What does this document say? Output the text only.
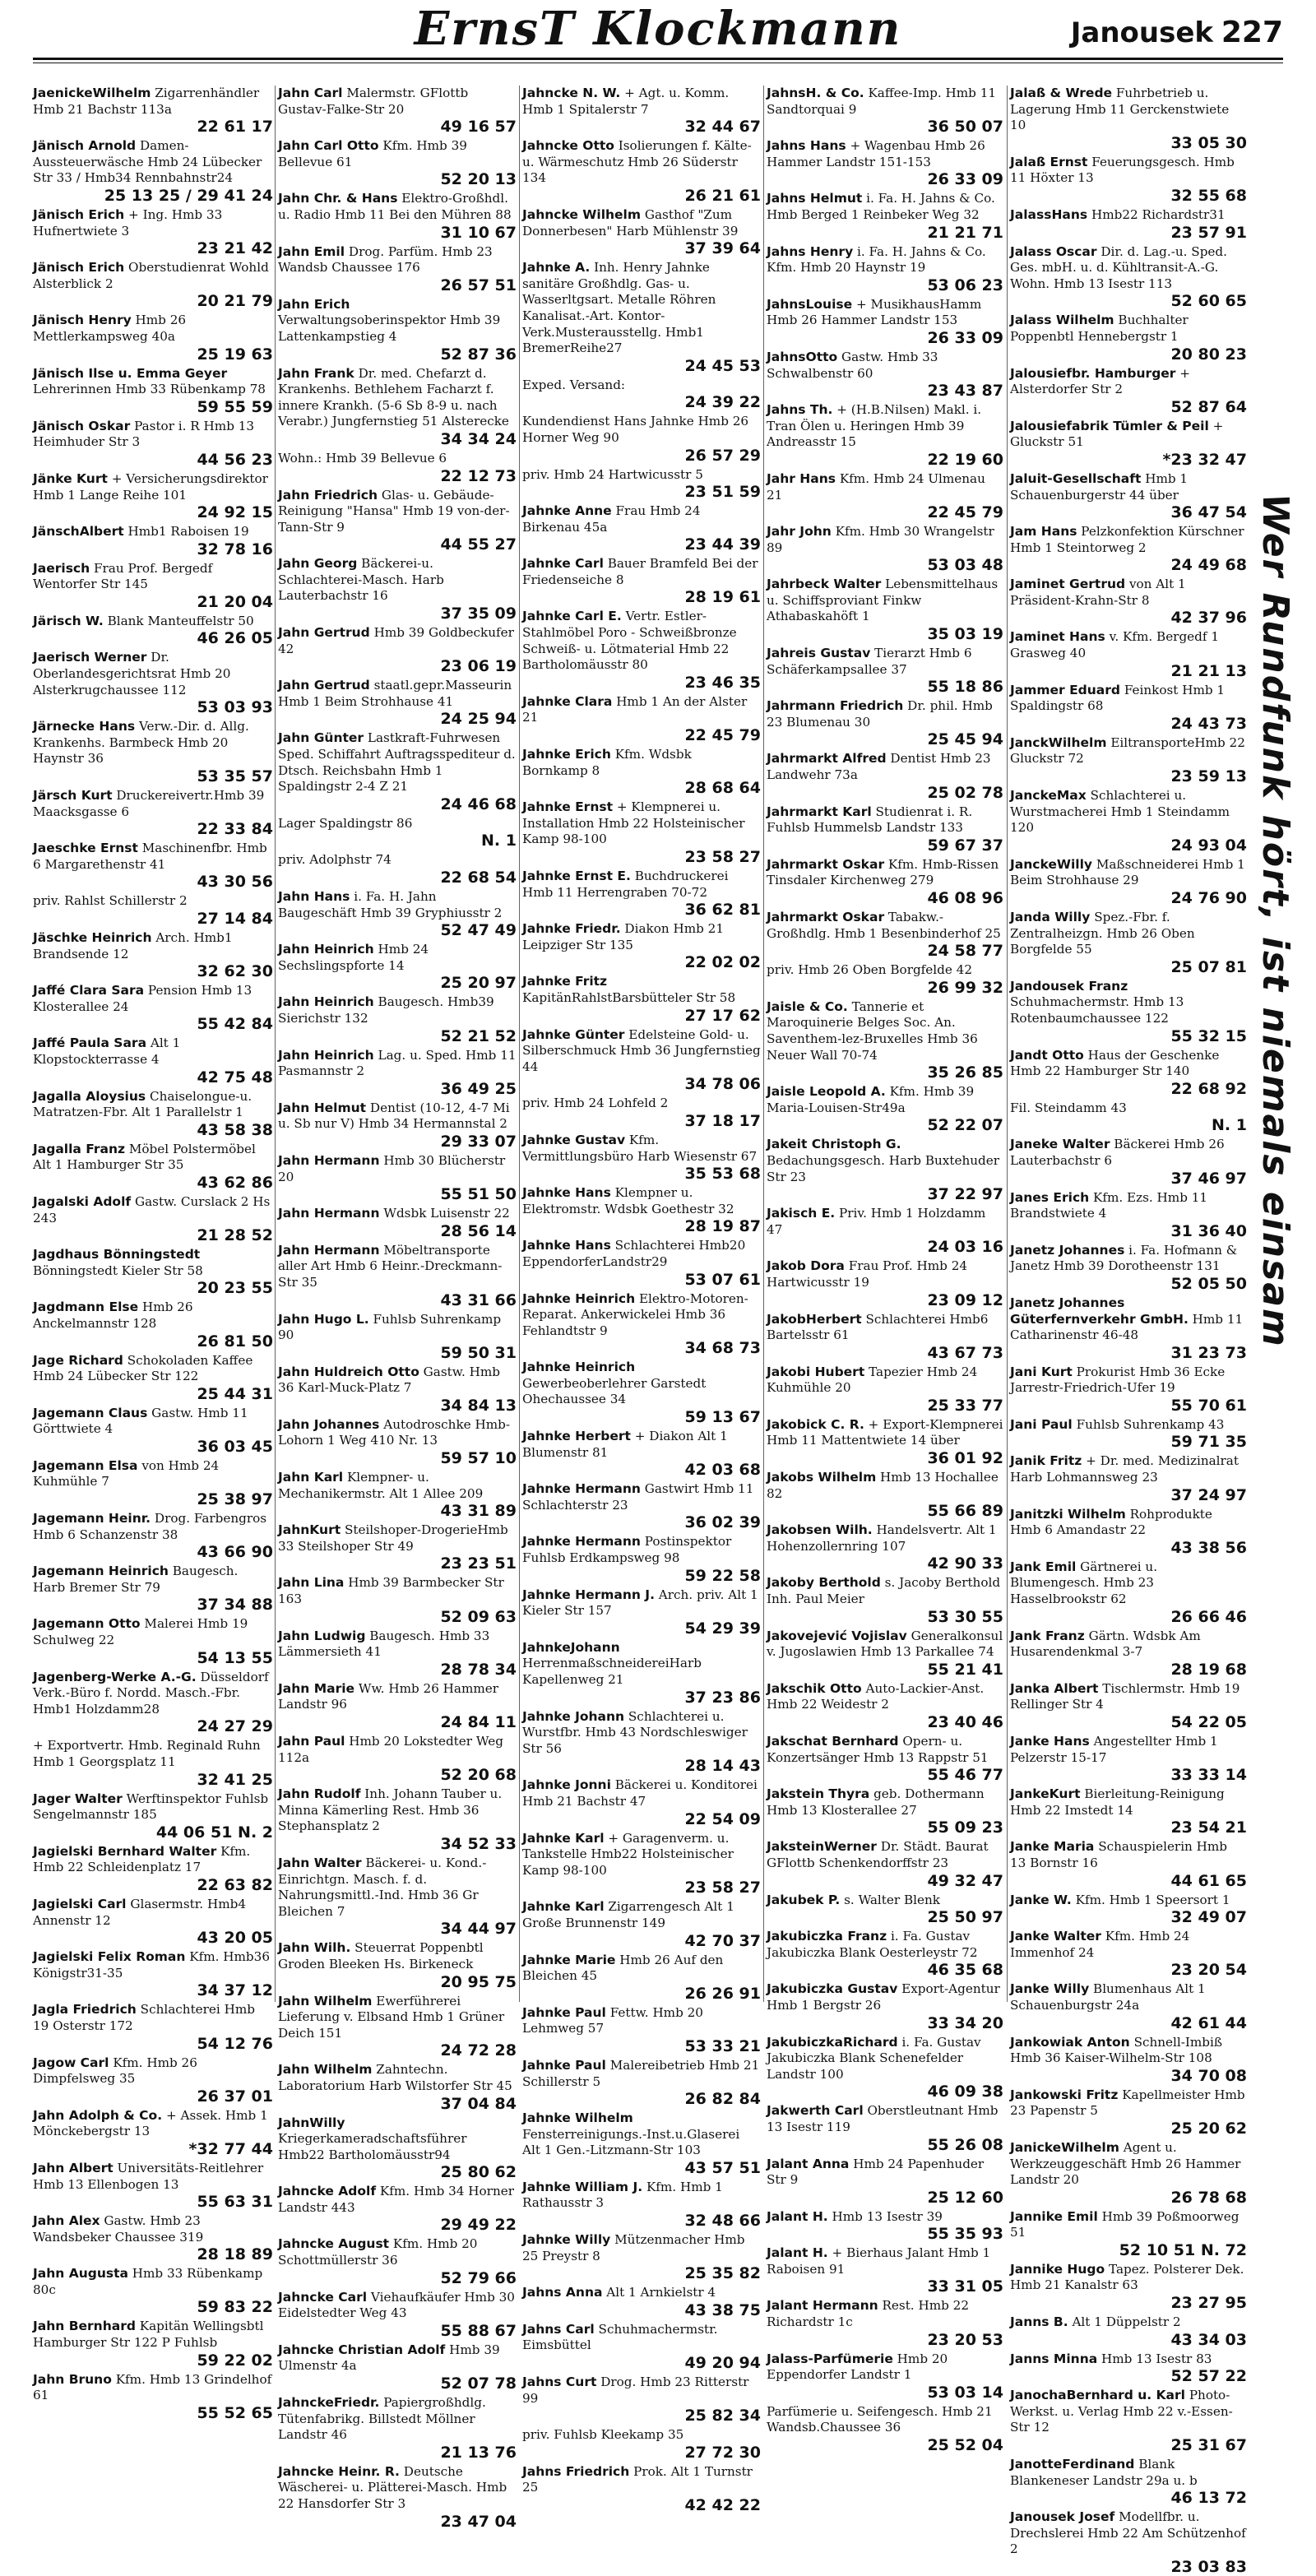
ErnsT Klockmann	Janousek 227
JaenickeWilhelm Zigarrenhändler Hmb 21 Bachstr 113a
22 61 17
Jänisch Arnold Damen-Aussteuerwäsche Hmb 24 Lübecker Str 33 / Hmb34 Rennbahnstr24
25 13 25 / 29 41 24
Jänisch Erich + Ing. Hmb 33 Hufnertwiete 3
23 21 42
Jänisch Erich Oberstudienrat Wohld Alsterblick 2
20 21 79
Jänisch Henry Hmb 26 Mettlerkampsweg 40a
25 19 63
Jänisch Ilse u. Emma Geyer Lehrerinnen Hmb 33 Rübenkamp 78
59 55 59
Jänisch Oskar Pastor i. R Hmb 13 Heimhuder Str 3
44 56 23
Jänke Kurt + Versicherungsdirektor Hmb 1 Lange Reihe 101
24 92 15
JänschAlbert Hmb1 Raboisen 19
32 78 16
Jaerisch Frau Prof. Bergedf Wentorfer Str 145
21 20 04
Järisch W. Blank Manteuffelstr 50
46 26 05
Jaerisch Werner Dr. Oberlandesgerichtsrat Hmb 20 Alsterkrugchaussee 112
53 03 93
Järnecke Hans Verw.-Dir. d. Allg. Krankenhs. Barmbeck Hmb 20 Haynstr 36
53 35 57
Järsch Kurt Druckereivertr.Hmb 39 Maacksgasse 6
22 33 84
Jaeschke Ernst Maschinenfbr. Hmb 6 Margarethenstr 41
43 30 56
priv. Rahlst Schillerstr 2
27 14 84
Jäschke Heinrich Arch. Hmb1 Brandsende 12
32 62 30
Jaffé Clara Sara Pension Hmb 13 Klosterallee 24
55 42 84
Jaffé Paula Sara Alt 1 Klopstockterrasse 4
42 75 48
Jagalla Aloysius Chaiselongue-u. Matratzen-Fbr. Alt 1 Parallelstr 1
43 58 38
Jagalla Franz Möbel Polstermöbel Alt 1 Hamburger Str 35
43 62 86
Jagalski Adolf Gastw. Curslack 2 Hs 243
21 28 52
Jagdhaus Bönningstedt Bönningstedt Kieler Str 58
20 23 55
Jagdmann Else Hmb 26 Anckelmannstr 128
26 81 50
Jage Richard Schokoladen Kaffee Hmb 24 Lübecker Str 122
25 44 31
Jagemann Claus Gastw. Hmb 11 Görttwiete 4
36 03 45
Jagemann Elsa von Hmb 24 Kuhmühle 7
25 38 97
Jagemann Heinr. Drog. Farbengros Hmb 6 Schanzenstr 38
43 66 90
Jagemann Heinrich Baugesch. Harb Bremer Str 79
37 34 88
Jagemann Otto Malerei Hmb 19 Schulweg 22
54 13 55
Jagenberg-Werke A.-G. Düsseldorf Verk.-Büro f. Nordd. Masch.-Fbr. Hmb1 Holzdamm28
24 27 29
+ Exportvertr. Hmb. Reginald Ruhn Hmb 1 Georgsplatz 11
32 41 25
Jager Walter Werftinspektor Fuhlsb Sengelmannstr 185
44 06 51 N. 2
Jagielski Bernhard Walter Kfm. Hmb 22 Schleidenplatz 17
22 63 82
Jagielski Carl Glasermstr. Hmb4 Annenstr 12
43 20 05
Jagielski Felix Roman Kfm. Hmb36 Königstr31-35
34 37 12
Jagla Friedrich Schlachterei Hmb 19 Osterstr 172
54 12 76
Jagow Carl Kfm. Hmb 26 Dimpfelsweg 35
26 37 01
Jahn Adolph & Co. + Assek. Hmb 1 Mönckebergstr 13
*32 77 44
Jahn Albert Universitäts-Reitlehrer Hmb 13 Ellenbogen 13
55 63 31
Jahn Alex Gastw. Hmb 23 Wandsbeker Chaussee 319
28 18 89
Jahn Augusta Hmb 33 Rübenkamp 80c
59 83 22
Jahn Bernhard Kapitän Wellingsbtl Hamburger Str 122 P Fuhlsb
59 22 02
Jahn Bruno Kfm. Hmb 13 Grindelhof 61
55 52 65
Jahn Carl Malermstr. GFlottb Gustav-Falke-Str 20
49 16 57
Jahn Carl Otto Kfm. Hmb 39 Bellevue 61
52 20 13
Jahn Chr. & Hans Elektro-Großhdl. u. Radio Hmb 11 Bei den Mühren 88
31 10 67
Jahn Emil Drog. Parfüm. Hmb 23 Wandsb Chaussee 176
26 57 51
Jahn Erich Verwaltungsoberinspektor Hmb 39 Lattenkampstieg 4
52 87 36
Jahn Frank Dr. med. Chefarzt d. Krankenhs. Bethlehem Facharzt f. innere Krankh. (5-6 Sb 8-9 u. nach Verabr.) Jungfernstieg 51 Alsterecke
34 34 24
Wohn.: Hmb 39 Bellevue 6
22 12 73
Jahn Friedrich Glas- u. Gebäude-Reinigung "Hansa" Hmb 19 von-der-Tann-Str 9
44 55 27
Jahn Georg Bäckerei-u. Schlachterei-Masch. Harb Lauterbachstr 16
37 35 09
Jahn Gertrud Hmb 39 Goldbeckufer 42
23 06 19
Jahn Gertrud staatl.gepr.Masseurin Hmb 1 Beim Strohhause 41
24 25 94
Jahn Günter Lastkraft-Fuhrwesen Sped. Schiffahrt Auftragsspediteur d. Dtsch. Reichsbahn Hmb 1 Spaldingstr 2-4 Z 21
24 46 68
Lager Spaldingstr 86
N. 1
priv. Adolphstr 74
22 68 54
Jahn Hans i. Fa. H. Jahn Baugeschäft Hmb 39 Gryphiusstr 2
52 47 49
Jahn Heinrich Hmb 24 Sechslingspforte 14
25 20 97
Jahn Heinrich Baugesch. Hmb39 Sierichstr 132
52 21 52
Jahn Heinrich Lag. u. Sped. Hmb 11 Pasmannstr 2
36 49 25
Jahn Helmut Dentist (10-12, 4-7 Mi u. Sb nur V) Hmb 34 Hermannstal 2
29 33 07
Jahn Hermann Hmb 30 Blücherstr 20
55 51 50
Jahn Hermann Wdsbk Luisenstr 22
28 56 14
Jahn Hermann Möbeltransporte aller Art Hmb 6 Heinr.-Dreckmann-Str 35
43 31 66
Jahn Hugo L. Fuhlsb Suhrenkamp 90
59 50 31
Jahn Huldreich Otto Gastw. Hmb 36 Karl-Muck-Platz 7
34 84 13
Jahn Johannes Autodroschke Hmb-Lohorn 1 Weg 410 Nr. 13
59 57 10
Jahn Karl Klempner- u. Mechanikermstr. Alt 1 Allee 209
43 31 89
JahnKurt Steilshoper-DrogerieHmb 33 Steilshoper Str 49
23 23 51
Jahn Lina Hmb 39 Barmbecker Str 163
52 09 63
Jahn Ludwig Baugesch. Hmb 33 Lämmersieth 41
28 78 34
Jahn Marie Ww. Hmb 26 Hammer Landstr 96
24 84 11
Jahn Paul Hmb 20 Lokstedter Weg 112a
52 20 68
Jahn Rudolf Inh. Johann Tauber u. Minna Kämerling Rest. Hmb 36 Stephansplatz 2
34 52 33
Jahn Walter Bäckerei- u. Kond.-Einrichtgn. Masch. f. d. Nahrungsmittl.-Ind. Hmb 36 Gr Bleichen 7
34 44 97
Jahn Wilh. Steuerrat Poppenbtl Groden Bleeken Hs. Birkeneck
20 95 75
Jahn Wilhelm Ewerführerei Lieferung v. Elbsand Hmb 1 Grüner Deich 151
24 72 28
Jahn Wilhelm Zahntechn. Laboratorium Harb Wilstorfer Str 45
37 04 84
JahnWilly Kriegerkameradschaftsführer Hmb22 Bartholomäusstr94
25 80 62
Jahncke Adolf Kfm. Hmb 34 Horner Landstr 443
29 49 22
Jahncke August Kfm. Hmb 20 Schottmüllerstr 36
52 79 66
Jahncke Carl Viehaufkäufer Hmb 30 Eidelstedter Weg 43
55 88 67
Jahncke Christian Adolf Hmb 39 Ulmenstr 4a
52 07 78
JahnckeFriedr. Papiergroßhdlg. Tütenfabrikg. Billstedt Möllner Landstr 46
21 13 76
Jahncke Heinr. R. Deutsche Wäscherei- u. Plätterei-Masch. Hmb 22 Hansdorfer Str 3
23 47 04
Jahncke N. W. + Agt. u. Komm. Hmb 1 Spitalerstr 7
32 44 67
Jahncke Otto Isolierungen f. Kälte- u. Wärmeschutz Hmb 26 Süderstr 134
26 21 61
Jahncke Wilhelm Gasthof "Zum Donnerbesen" Harb Mühlenstr 39
37 39 64
Jahnke A. Inh. Henry Jahnke sanitäre Großhdlg. Gas- u. Wasserltgsart. Metalle Röhren Kanalisat.-Art. Kontor-Verk.Musterausstellg. Hmb1 BremerReihe27
24 45 53
Exped. Versand:
24 39 22
Kundendienst Hans Jahnke Hmb 26 Horner Weg 90
26 57 29
priv. Hmb 24 Hartwicusstr 5
23 51 59
Jahnke Anne Frau Hmb 24 Birkenau 45a
23 44 39
Jahnke Carl Bauer Bramfeld Bei der Friedenseiche 8
28 19 61
Jahnke Carl E. Vertr. Estler-Stahlmöbel Poro - Schweißbronze Schweiß- u. Lötmaterial Hmb 22 Bartholomäusstr 80
23 46 35
Jahnke Clara Hmb 1 An der Alster 21
22 45 79
Jahnke Erich Kfm. Wdsbk Bornkamp 8
28 68 64
Jahnke Ernst + Klempnerei u. Installation Hmb 22 Holsteinischer Kamp 98-100
23 58 27
Jahnke Ernst E. Buchdruckerei Hmb 11 Herrengraben 70-72
36 62 81
Jahnke Friedr. Diakon Hmb 21 Leipziger Str 135
22 02 02
Jahnke Fritz KapitänRahlstBarsbütteler Str 58
27 17 62
Jahnke Günter Edelsteine Gold- u. Silberschmuck Hmb 36 Jungfernstieg 44
34 78 06
priv. Hmb 24 Lohfeld 2
37 18 17
Jahnke Gustav Kfm. Vermittlungsbüro Harb Wiesenstr 67
35 53 68
Jahnke Hans Klempner u. Elektromstr. Wdsbk Goethestr 32
28 19 87
Jahnke Hans Schlachterei Hmb20 EppendorferLandstr29
53 07 61
Jahnke Heinrich Elektro-Motoren-Reparat. Ankerwickelei Hmb 36 Fehlandtstr 9
34 68 73
Jahnke Heinrich Gewerbeoberlehrer Garstedt Ohechaussee 34
59 13 67
Jahnke Herbert + Diakon Alt 1 Blumenstr 81
42 03 68
Jahnke Hermann Gastwirt Hmb 11 Schlachterstr 23
36 02 39
Jahnke Hermann Postinspektor Fuhlsb Erdkampsweg 98
59 22 58
Jahnke Hermann J. Arch. priv. Alt 1 Kieler Str 157
54 29 39
JahnkeJohann HerrenmaßschneidereiHarb Kapellenweg 21
37 23 86
Jahnke Johann Schlachterei u. Wurstfbr. Hmb 43 Nordschleswiger Str 56
28 14 43
Jahnke Jonni Bäckerei u. Konditorei Hmb 21 Bachstr 47
22 54 09
Jahnke Karl + Garagenverm. u. Tankstelle Hmb22 Holsteinischer Kamp 98-100
23 58 27
Jahnke Karl Zigarrengesch Alt 1 Große Brunnenstr 149
42 70 37
Jahnke Marie Hmb 26 Auf den Bleichen 45
26 26 91
Jahnke Paul Fettw. Hmb 20 Lehmweg 57
53 33 21
Jahnke Paul Malereibetrieb Hmb 21 Schillerstr 5
26 82 84
Jahnke Wilhelm Fensterreinigungs.-Inst.u.Glaserei Alt 1 Gen.-Litzmann-Str 103
43 57 51
Jahnke William J. Kfm. Hmb 1 Rathausstr 3
32 48 66
Jahnke Willy Mützenmacher Hmb 25 Preystr 8
25 35 82
Jahns Anna Alt 1 Arnkielstr 4
43 38 75
Jahns Carl Schuhmachermstr. Eimsbüttel
49 20 94
Jahns Curt Drog. Hmb 23 Ritterstr 99
25 82 34
priv. Fuhlsb Kleekamp 35
27 72 30
Jahns Friedrich Prok. Alt 1 Turnstr 25
42 42 22
JahnsH. & Co. Kaffee-Imp. Hmb 11 Sandtorquai 9
36 50 07
Jahns Hans + Wagenbau Hmb 26 Hammer Landstr 151-153
26 33 09
Jahns Helmut i. Fa. H. Jahns & Co. Hmb Berged 1 Reinbeker Weg 32
21 21 71
Jahns Henry i. Fa. H. Jahns & Co. Kfm. Hmb 20 Haynstr 19
53 06 23
JahnsLouise + MusikhausHamm Hmb 26 Hammer Landstr 153
26 33 09
JahnsOtto Gastw. Hmb 33 Schwalbenstr 60
23 43 87
Jahns Th. + (H.B.Nilsen) Makl. i. Tran Ölen u. Heringen Hmb 39 Andreasstr 15
22 19 60
Jahr Hans Kfm. Hmb 24 Ulmenau 21
22 45 79
Jahr John Kfm. Hmb 30 Wrangelstr 89
53 03 48
Jahrbeck Walter Lebensmittelhaus u. Schiffsproviant Finkw Athabaskahöft 1
35 03 19
Jahreis Gustav Tierarzt Hmb 6 Schäferkampsallee 37
55 18 86
Jahrmann Friedrich Dr. phil. Hmb 23 Blumenau 30
25 45 94
Jahrmarkt Alfred Dentist Hmb 23 Landwehr 73a
25 02 78
Jahrmarkt Karl Studienrat i. R. Fuhlsb Hummelsb Landstr 133
59 67 37
Jahrmarkt Oskar Kfm. Hmb-Rissen Tinsdaler Kirchenweg 279
46 08 96
Jahrmarkt Oskar Tabakw.-Großhdlg. Hmb 1 Besenbinderhof 25
24 58 77
priv. Hmb 26 Oben Borgfelde 42
26 99 32
Jaisle & Co. Tannerie et Maroquinerie Belges Soc. An. Saventhem-lez-Bruxelles Hmb 36 Neuer Wall 70-74
35 26 85
Jaisle Leopold A. Kfm. Hmb 39 Maria-Louisen-Str49a
52 22 07
Jakeit Christoph G. Bedachungsgesch. Harb Buxtehuder Str 23
37 22 97
Jakisch E. Priv. Hmb 1 Holzdamm 47
24 03 16
Jakob Dora Frau Prof. Hmb 24 Hartwicusstr 19
23 09 12
JakobHerbert Schlachterei Hmb6 Bartelsstr 61
43 67 73
Jakobi Hubert Tapezier Hmb 24 Kuhmühle 20
25 33 77
Jakobick C. R. + Export-Klempnerei Hmb 11 Mattentwiete 14 über
36 01 92
Jakobs Wilhelm Hmb 13 Hochallee 82
55 66 89
Jakobsen Wilh. Handelsvertr. Alt 1 Hohenzollernring 107
42 90 33
Jakoby Berthold s. Jacoby Berthold Inh. Paul Meier
53 30 55
Jakovejević Vojislav Generalkonsul v. Jugoslawien Hmb 13 Parkallee 74
55 21 41
Jakschik Otto Auto-Lackier-Anst. Hmb 22 Weidestr 2
23 40 46
Jakschat Bernhard Opern- u. Konzertsänger Hmb 13 Rappstr 51
55 46 77
Jakstein Thyra geb. Dothermann Hmb 13 Klosterallee 27
55 09 23
JaksteinWerner Dr. Städt. Baurat GFlottb Schenkendorffstr 23
49 32 47
Jakubek P. s. Walter Blenk
25 50 97
Jakubiczka Franz i. Fa. Gustav Jakubiczka Blank Oesterleystr 72
46 35 68
Jakubiczka Gustav Export-Agentur Hmb 1 Bergstr 26
33 34 20
JakubiczkaRichard i. Fa. Gustav Jakubiczka Blank Schenefelder Landstr 100
46 09 38
Jakwerth Carl Oberstleutnant Hmb 13 Isestr 119
55 26 08
Jalant Anna Hmb 24 Papenhuder Str 9
25 12 60
Jalant H. Hmb 13 Isestr 39
55 35 93
Jalant H. + Bierhaus Jalant Hmb 1 Raboisen 91
33 31 05
Jalant Hermann Rest. Hmb 22 Richardstr 1c
23 20 53
Jalass-Parfümerie Hmb 20 Eppendorfer Landstr 1
53 03 14
Parfümerie u. Seifengesch. Hmb 21 Wandsb.Chaussee 36
25 52 04
Jalaß & Wrede Fuhrbetrieb u. Lagerung Hmb 11 Gerckenstwiete 10
33 05 30
Jalaß Ernst Feuerungsgesch. Hmb 11 Höxter 13
32 55 68
JalassHans Hmb22 Richardstr31
23 57 91
Jalass Oscar Dir. d. Lag.-u. Sped. Ges. mbH. u. d. Kühltransit-A.-G. Wohn. Hmb 13 Isestr 113
52 60 65
Jalass Wilhelm Buchhalter Poppenbtl Hennebergstr 1
20 80 23
Jalousiefbr. Hamburger + Alsterdorfer Str 2
52 87 64
Jalousiefabrik Tümler & Peil + Gluckstr 51
*23 32 47
Jaluit-Gesellschaft Hmb 1 Schauenburgerstr 44 über
36 47 54
Jam Hans Pelzkonfektion Kürschner Hmb 1 Steintorweg 2
24 49 68
Jaminet Gertrud von Alt 1 Präsident-Krahn-Str 8
42 37 96
Jaminet Hans v. Kfm. Bergedf 1 Grasweg 40
21 21 13
Jammer Eduard Feinkost Hmb 1 Spaldingstr 68
24 43 73
JanckWilhelm EiltransporteHmb 22 Gluckstr 72
23 59 13
JanckeMax Schlachterei u. Wurstmacherei Hmb 1 Steindamm 120
24 93 04
JanckeWilly Maßschneiderei Hmb 1 Beim Strohhause 29
24 76 90
Janda Willy Spez.-Fbr. f. Zentralheizgn. Hmb 26 Oben Borgfelde 55
25 07 81
Jandousek Franz Schuhmachermstr. Hmb 13 Rotenbaumchaussee 122
55 32 15
Jandt Otto Haus der Geschenke Hmb 22 Hamburger Str 140
22 68 92
Fil. Steindamm 43
N. 1
Janeke Walter Bäckerei Hmb 26 Lauterbachstr 6
37 46 97
Janes Erich Kfm. Ezs. Hmb 11 Brandstwiete 4
31 36 40
Janetz Johannes i. Fa. Hofmann & Janetz Hmb 39 Dorotheenstr 131
52 05 50
Janetz Johannes Güterfernverkehr GmbH. Hmb 11 Catharinenstr 46-48
31 23 73
Jani Kurt Prokurist Hmb 36 Ecke Jarrestr-Friedrich-Ufer 19
55 70 61
Jani Paul Fuhlsb Suhrenkamp 43
59 71 35
Janik Fritz + Dr. med. Medizinalrat Harb Lohmannsweg 23
37 24 97
Janitzki Wilhelm Rohprodukte Hmb 6 Amandastr 22
43 38 56
Jank Emil Gärtnerei u. Blumengesch. Hmb 23 Hasselbrookstr 62
26 66 46
Jank Franz Gärtn. Wdsbk Am Husarendenkmal 3-7
28 19 68
Janka Albert Tischlermstr. Hmb 19 Rellinger Str 4
54 22 05
Janke Hans Angestellter Hmb 1 Pelzerstr 15-17
33 33 14
JankeKurt Bierleitung-Reinigung Hmb 22 Imstedt 14
23 54 21
Janke Maria Schauspielerin Hmb 13 Bornstr 16
44 61 65
Janke W. Kfm. Hmb 1 Speersort 1
32 49 07
Janke Walter Kfm. Hmb 24 Immenhof 24
23 20 54
Janke Willy Blumenhaus Alt 1 Schauenburgstr 24a
42 61 44
Jankowiak Anton Schnell-Imbiß Hmb 36 Kaiser-Wilhelm-Str 108
34 70 08
Jankowski Fritz Kapellmeister Hmb 23 Papenstr 5
25 20 62
JanickeWilhelm Agent u. Werkzeuggeschäft Hmb 26 Hammer Landstr 20
26 78 68
Jannike Emil Hmb 39 Poßmoorweg 51
52 10 51 N. 72
Jannike Hugo Tapez. Polsterer Dek. Hmb 21 Kanalstr 63
23 27 95
Janns B. Alt 1 Düppelstr 2
43 34 03
Janns Minna Hmb 13 Isestr 83
52 57 22
JanochaBernhard u. Karl Photo-Werkst. u. Verlag Hmb 22 v.-Essen-Str 12
25 31 67
JanotteFerdinand Blank Blankeneser Landstr 29a u. b
46 13 72
Janousek Josef Modellfbr. u. Drechslerei Hmb 22 Am Schützenhof 2
23 03 83
Wer Rundfunk hört, ist niemals einsam
